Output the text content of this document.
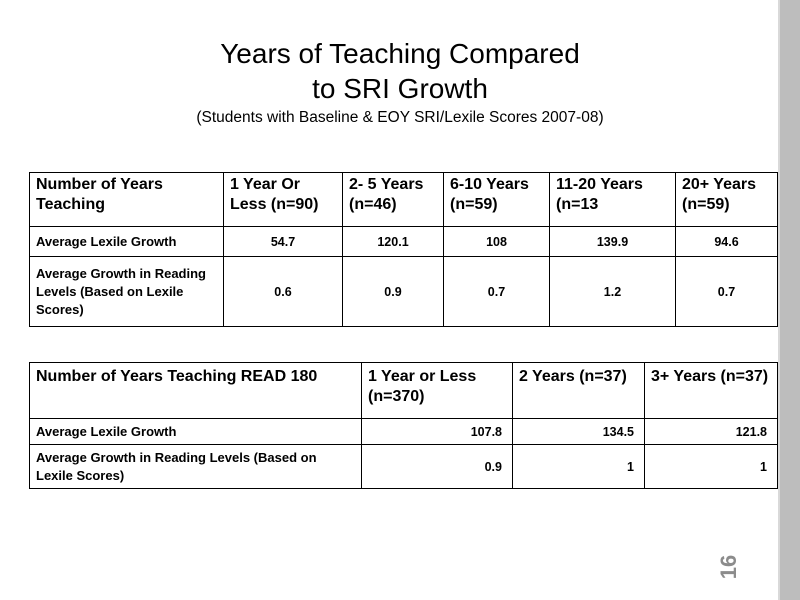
16
Years of Teaching Compared
to SRI Growth
(Students with Baseline & EOY SRI/Lexile Scores 2007-08)
Number of Years Teaching	1 Year Or Less (n=90)	2- 5 Years (n=46)	6-10 Years (n=59)	11-20 Years (n=13	20+ Years (n=59)
Average Lexile Growth	54.7	120.1	108	139.9	94.6
Average Growth in Reading Levels (Based on Lexile Scores)	0.6	0.9	0.7	1.2	0.7
Number of Years Teaching READ 180	1 Year or Less (n=370)	2 Years (n=37)	3+ Years (n=37)
Average Lexile Growth	107.8	134.5	121.8
Average Growth in Reading Levels (Based on Lexile Scores)	0.9	1	1
